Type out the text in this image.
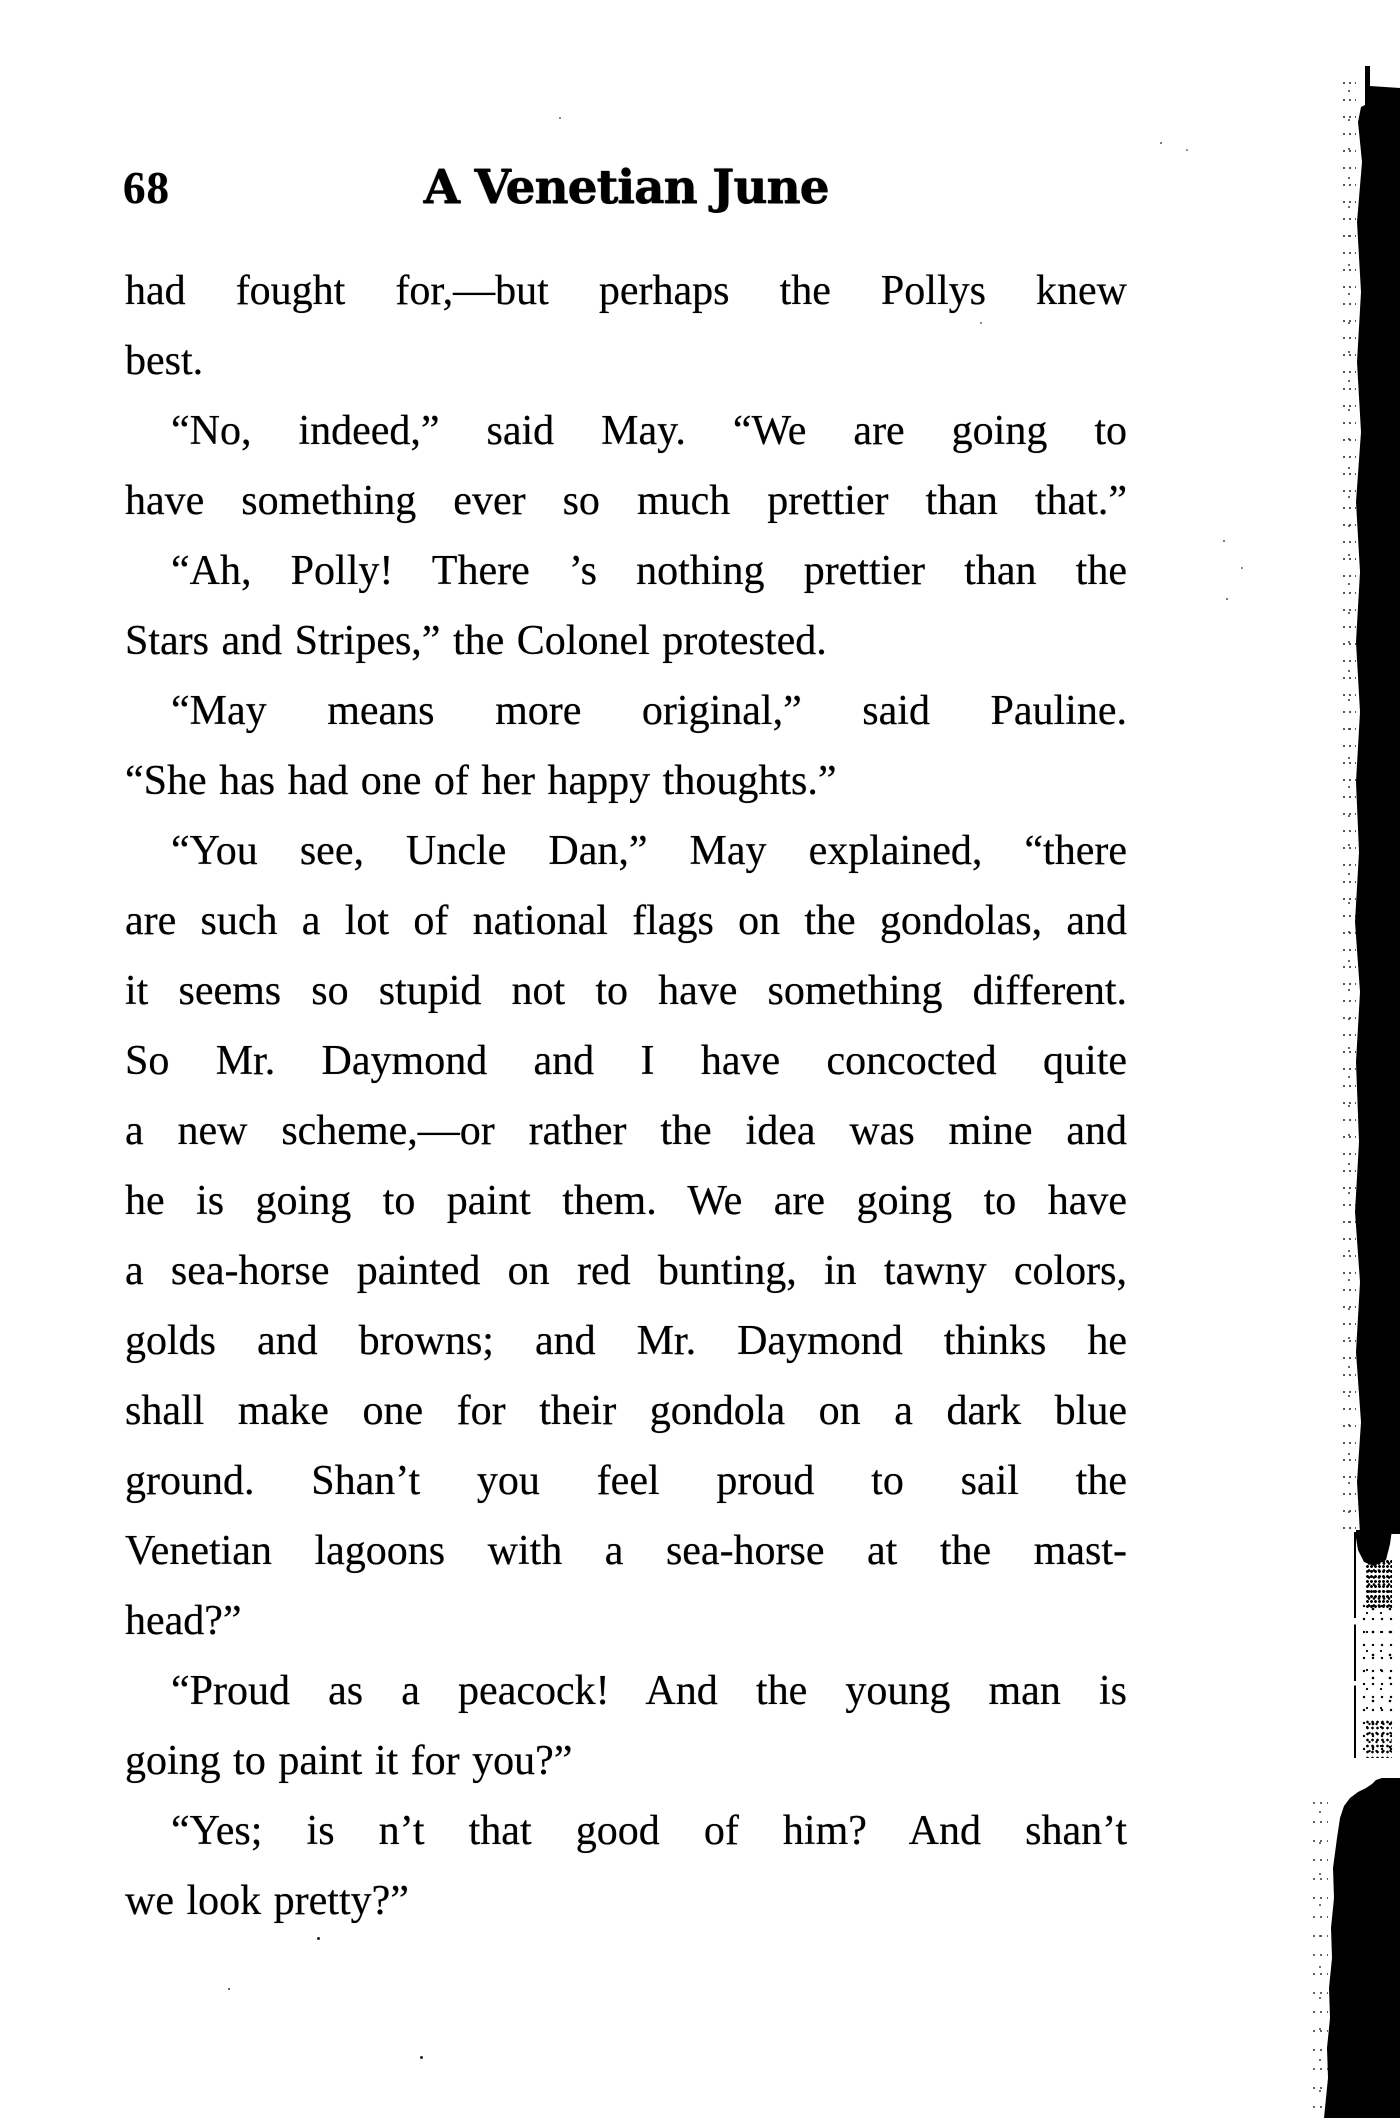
68	A Venetian June
had fought for,—but perhaps the Pollys knew
best.
“No, indeed,” said May. “We are going to
have something ever so much prettier than that.”
“Ah, Polly! There ’s nothing prettier than the
Stars and Stripes,” the Colonel protested.
“May means more original,” said Pauline.
“She has had one of her happy thoughts.”
“You see, Uncle Dan,” May explained, “there
are such a lot of national flags on the gondolas, and
it seems so stupid not to have something different.
So Mr. Daymond and I have concocted quite
a new scheme,—or rather the idea was mine and
he is going to paint them. We are going to have
a sea-horse painted on red bunting, in tawny colors,
golds and browns; and Mr. Daymond thinks he
shall make one for their gondola on a dark blue
ground. Shan’t you feel proud to sail the
Venetian lagoons with a sea-horse at the mast-
head?”
“Proud as a peacock! And the young man is
going to paint it for you?”
“Yes; is n’t that good of him? And shan’t
we look pretty?”
